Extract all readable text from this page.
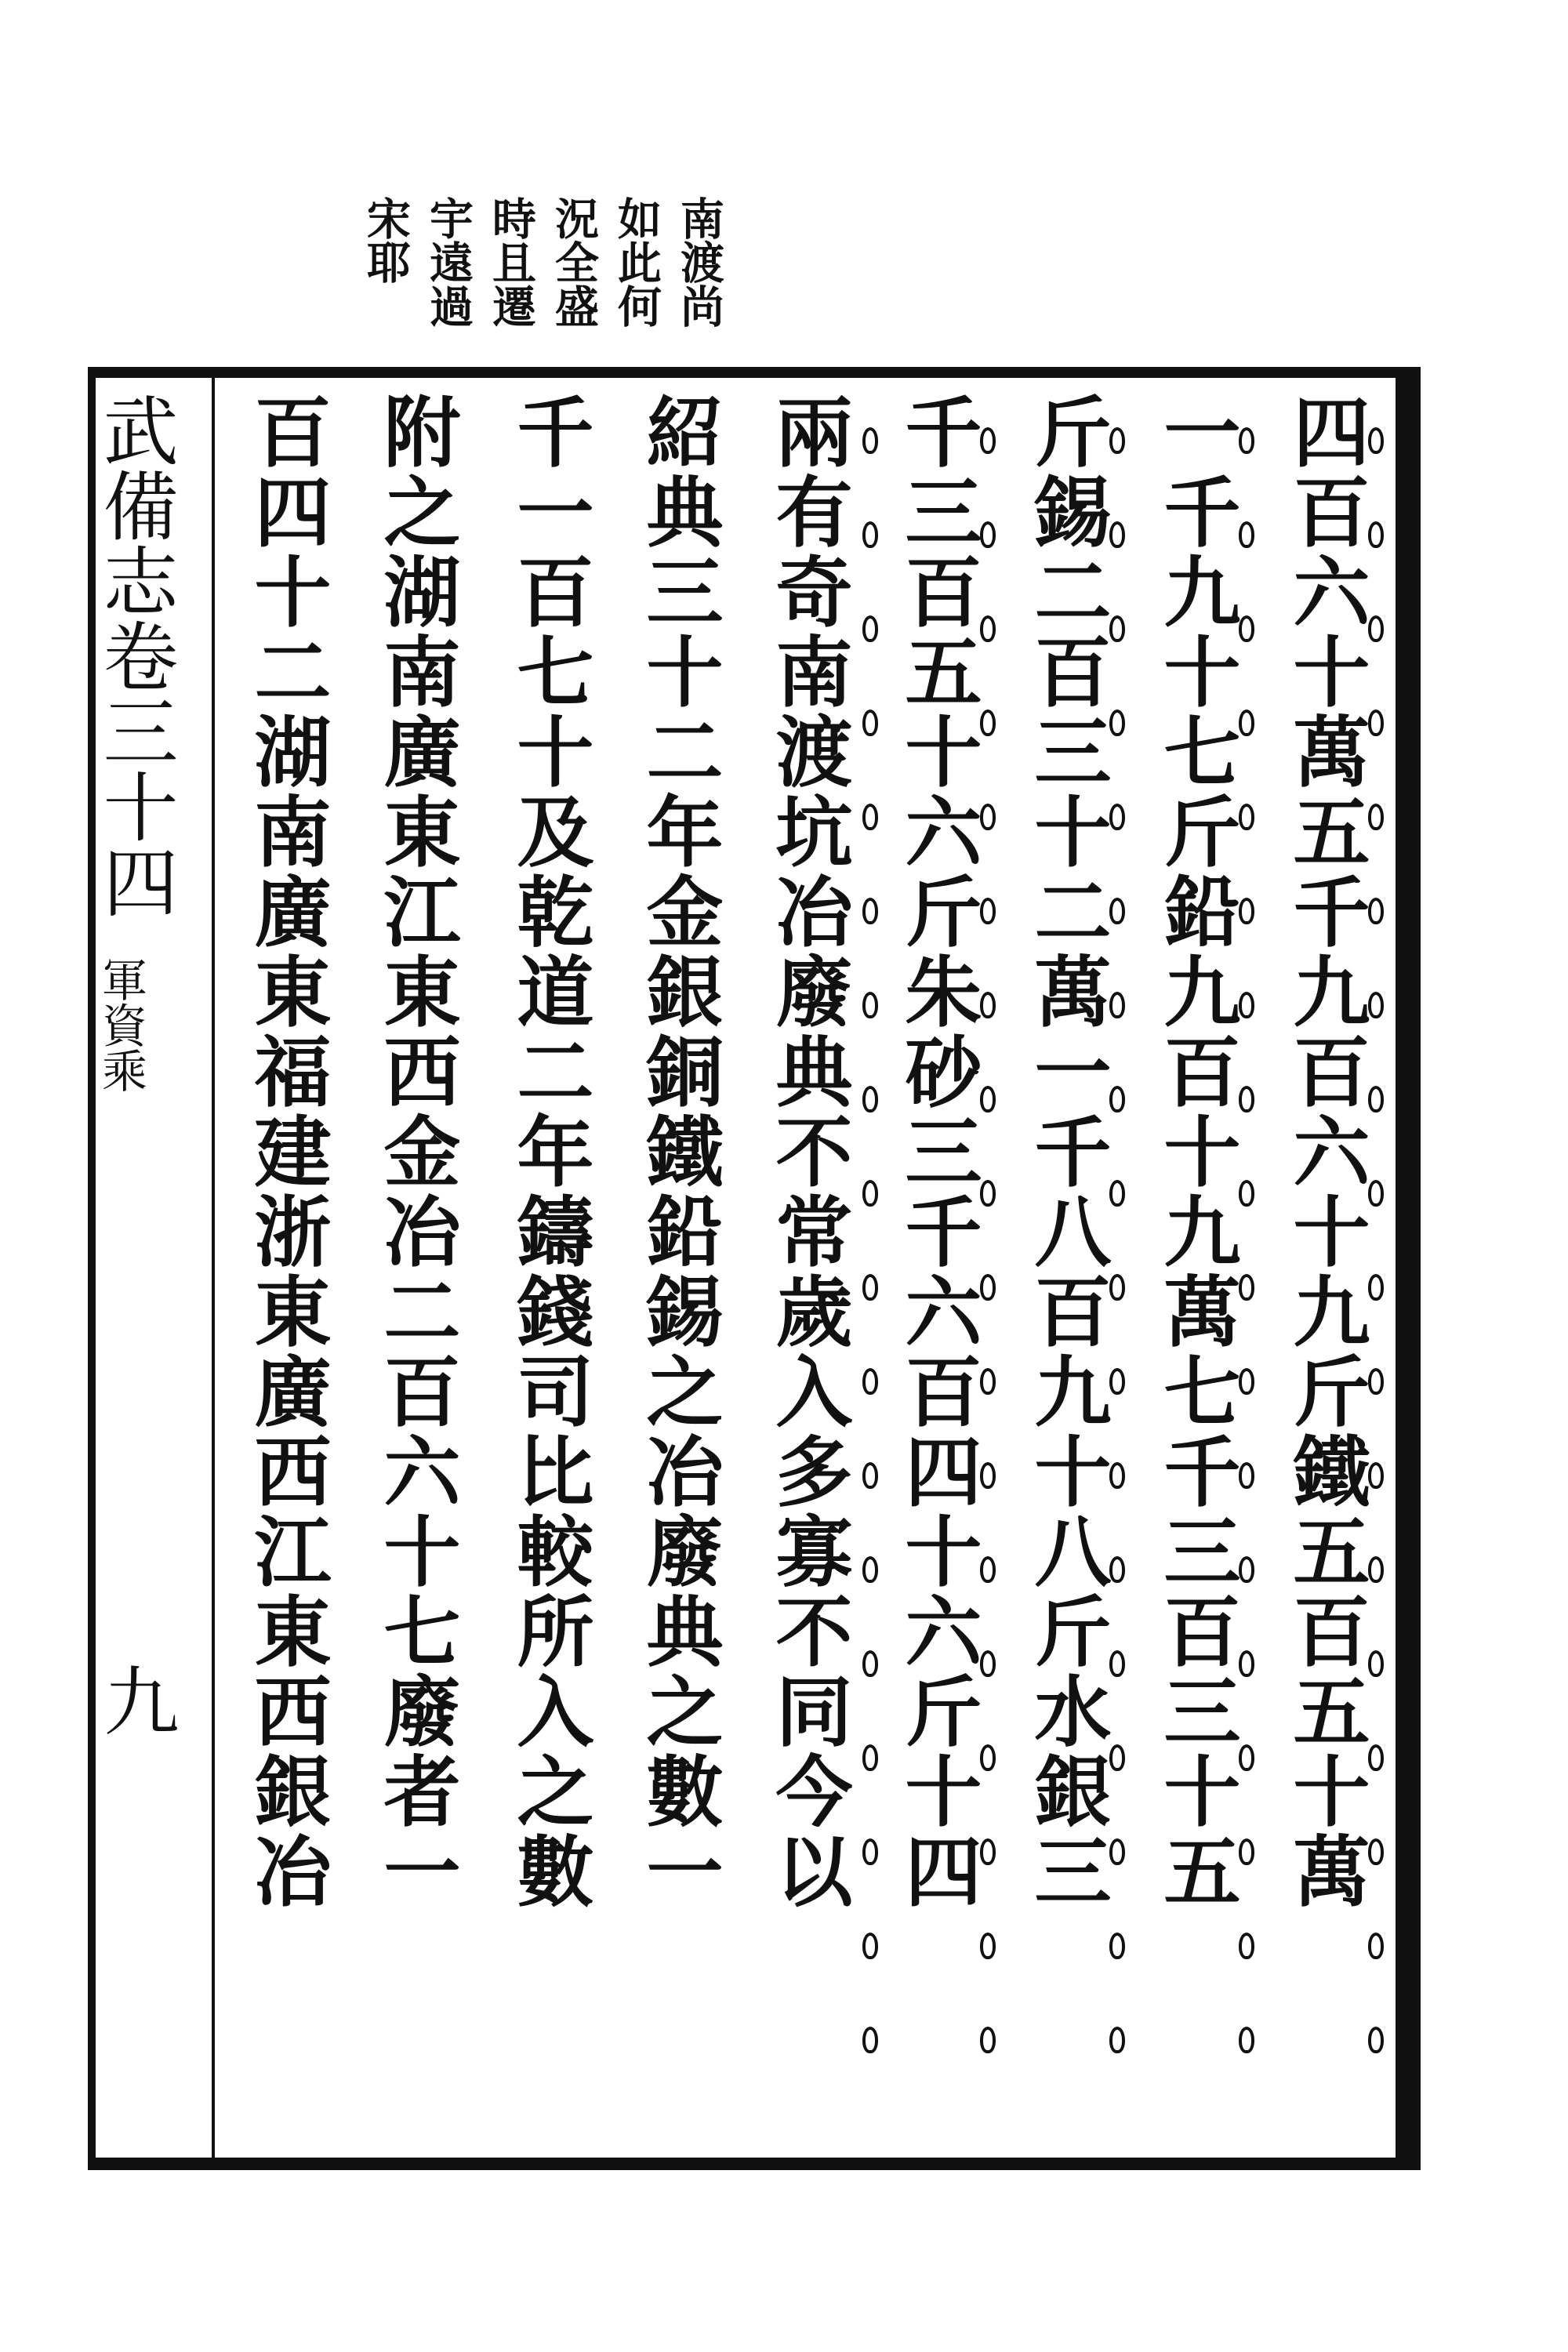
南渡尚
如此何
況全盛
時且遷
宇遠過
宋耶
四百六十萬五千九百六十九斤鐵五百五十萬
一千九十七斤鉛九百十九萬七千三百三十五
斤錫二百三十二萬一千八百九十八斤水銀三
千三百五十六斤朱砂三千六百四十六斤十四
兩有奇南渡坑冶廢典不常歲入多寡不同今以
紹典三十二年金銀銅鐵鉛錫之冶廢典之數一
千一百七十及乾道二年鑄錢司比較所入之數
附之湖南廣東江東西金冶二百六十七廢者一
百四十二湖南廣東福建浙東廣西江東西銀冶
武備志卷三十四
軍資乘
九
